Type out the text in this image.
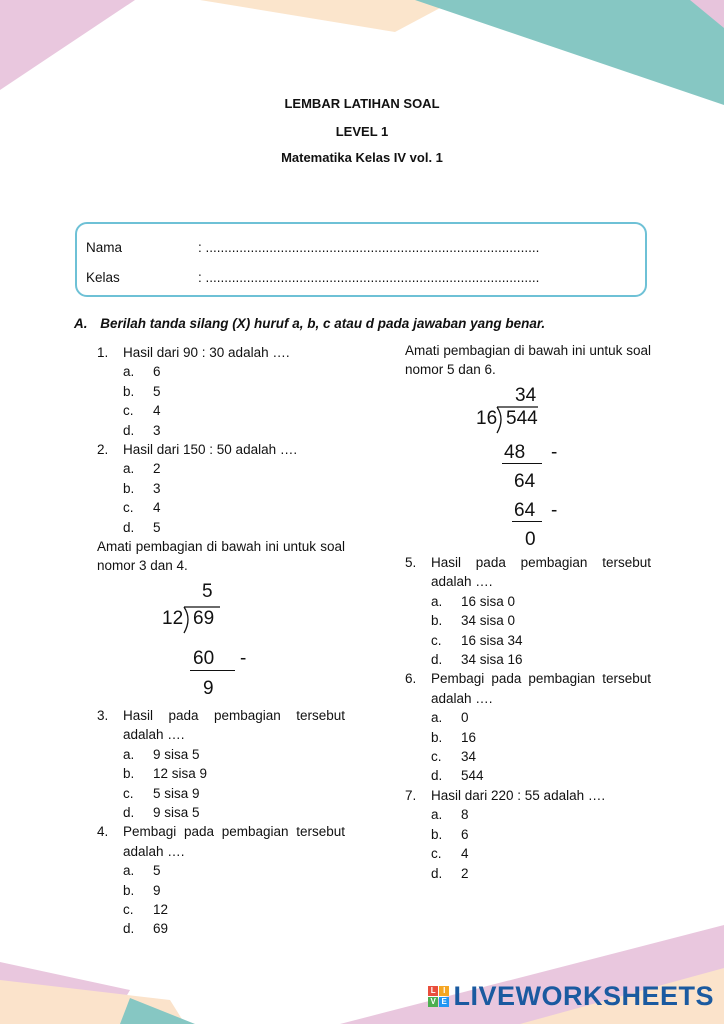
LEMBAR LATIHAN SOAL
LEVEL 1
Matematika Kelas IV vol. 1
Nama	: .........................................................................................
Kelas	: .........................................................................................
A. Berilah tanda silang (X) huruf a, b, c atau d pada jawaban yang benar.
1.	Hasil dari 90 : 30 adalah ….
a.	6
b.	5
c.	4
d.	3
2.	Hasil dari 150 : 50 adalah ….
a.	2
b.	3
c.	4
d.	5
Amati pembagian di bawah ini untuk soal nomor 3 dan 4.
5
12 69
60 -
9
3.	Hasil pada pembagian tersebut adalah ….
a.	9 sisa 5
b.	12 sisa 9
c.	5 sisa 9
d.	9 sisa 5
4.	Pembagi pada pembagian tersebut adalah ….
a.	5
b.	9
c.	12
d.	69
Amati pembagian di bawah ini untuk soal nomor 5 dan 6.
34
16 544
48 -
64
64 -
0
5.	Hasil pada pembagian tersebut adalah ….
a.	16 sisa 0
b.	34 sisa 0
c.	16 sisa 34
d.	34 sisa 16
6.	Pembagi pada pembagian tersebut adalah ….
a.	0
b.	16
c.	34
d.	544
7.	Hasil dari 220 : 55 adalah ….
a.	8
b.	6
c.	4
d.	2
L I
V E LIVEWORKSHEETS
